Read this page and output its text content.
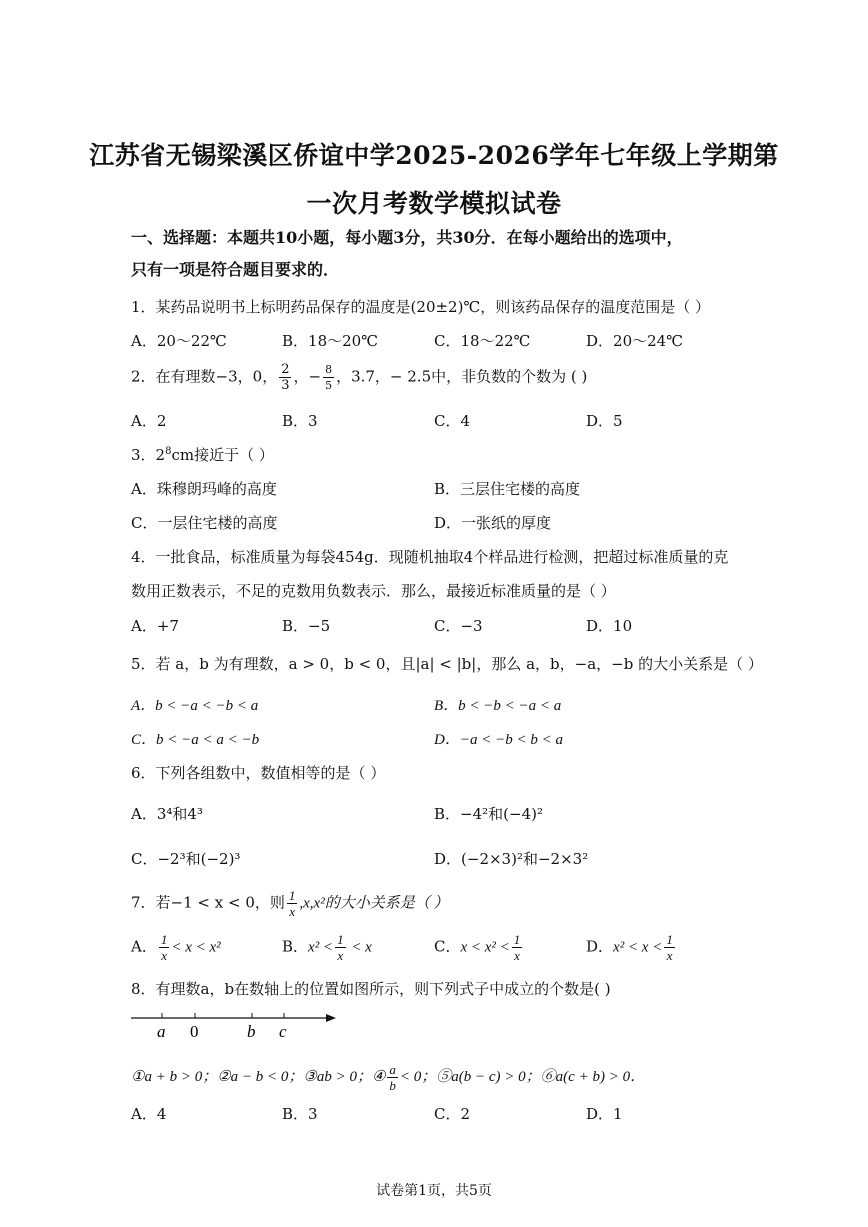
江苏省无锡梁溪区侨谊中学2025-2026学年七年级上学期第
一次月考数学模拟试卷
一、选择题：本题共10小题，每小题3分，共30分．在每小题给出的选项中，
只有一项是符合题目要求的．
1．某药品说明书上标明药品保存的温度是(20±2)℃，则该药品保存的温度范围是（ ）
A．20～22℃	B．18～20℃	C．18～22℃	D．20～24℃
2．在有理数−3，0， $\frac{2}{3}$ ，− $\frac{8}{5}$ ，3.7，− 2.5中，非负数的个数为 ( )
A．2	B．3	C．4	D．5
3．$2^8cm$接近于（ ）
A．珠穆朗玛峰的高度	B．三层住宅楼的高度
C．一层住宅楼的高度	D．一张纸的厚度
4．一批食品，标准质量为每袋454g．现随机抽取4个样品进行检测，把超过标准质量的克
数用正数表示，不足的克数用负数表示．那么，最接近标准质量的是（ ）
A．+7	B．−5	C．−3	D．10
5．若 a，b 为有理数，a > 0，b < 0，且|a| < |b|，那么 a，b，−a，−b 的大小关系是（ ）
A．b < −a < −b < a	B．b < −b < −a < a
C．b < −a < a < −b	D．−a < −b < b < a
6．下列各组数中，数值相等的是（ ）
A．3⁴和4³	B．−4²和(−4)²
C．−2³和(−2)³	D．(−2×3)²和−2×3²
7．若−1 < x < 0，则 $\frac{1}{x} ,x,x^2$的大小关系是（ ）
A． $\frac{1}{x} < x < x^2$	B．$x^2 < \frac{1}{x} < x$	C．$x < x^2 < \frac{1}{x}$	D．$x^2 < x < \frac{1}{x}$
8．有理数a，b在数轴上的位置如图所示，则下列式子中成立的个数是( )
a 0	b c
①a + b > 0；②a − b < 0；③ab > 0；④ $\frac{a}{b} < 0$；⑤a(b − c) > 0；⑥a(c + b) > 0．
A．4	B．3	C．2	D．1
试卷第1页，共5页
